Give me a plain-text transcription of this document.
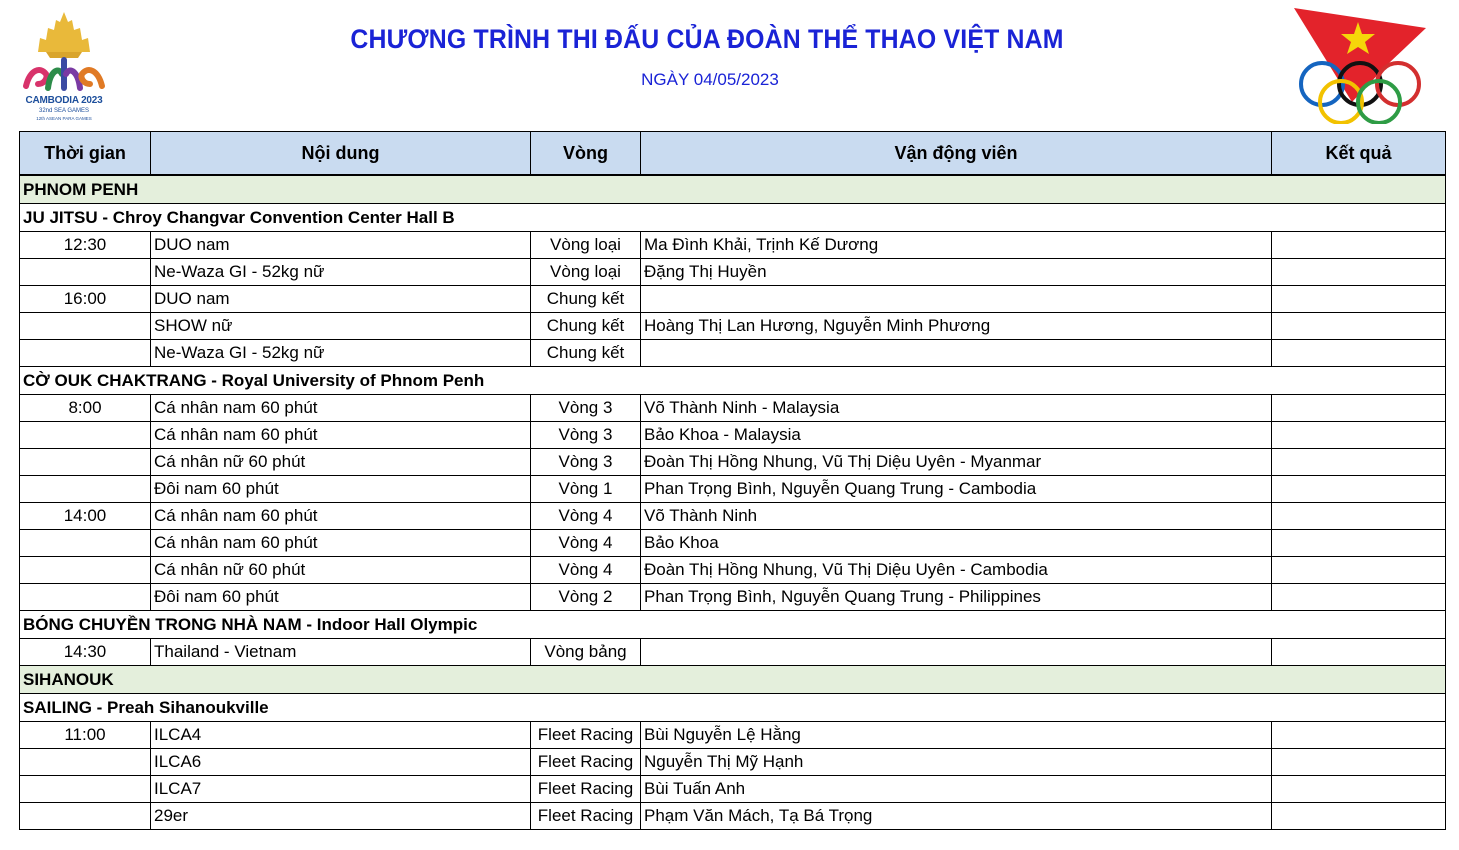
CAMBODIA 2023
32nd SEA GAMES
12th ASEAN PARA GAMES
CHƯƠNG TRÌNH THI ĐẤU CỦA ĐOÀN THỂ THAO VIỆT NAM
NGÀY 04/05/2023
Thời gian	Nội dung	Vòng	Vận động viên	Kết quả
PHNOM PENH				
JU JITSU - Chroy Changvar Convention Center Hall B				
12:30	DUO nam	Vòng loại	Ma Đình Khải, Trịnh Kế Dương	
	Ne-Waza GI - 52kg nữ	Vòng loại	Đặng Thị Huyền	
16:00	DUO nam	Chung kết		
	SHOW nữ	Chung kết	Hoàng Thị Lan Hương, Nguyễn Minh Phương	
	Ne-Waza GI - 52kg nữ	Chung kết		
CỜ OUK CHAKTRANG - Royal University of Phnom Penh				
8:00	Cá nhân nam 60 phút	Vòng 3	Võ Thành Ninh - Malaysia	
	Cá nhân nam 60 phút	Vòng 3	Bảo Khoa - Malaysia	
	Cá nhân nữ 60 phút	Vòng 3	Đoàn Thị Hồng Nhung, Vũ Thị Diệu Uyên - Myanmar	
	Đôi nam 60 phút	Vòng 1	Phan Trọng Bình, Nguyễn Quang Trung - Cambodia	
14:00	Cá nhân nam 60 phút	Vòng 4	Võ Thành Ninh	
	Cá nhân nam 60 phút	Vòng 4	Bảo Khoa	
	Cá nhân nữ 60 phút	Vòng 4	Đoàn Thị Hồng Nhung, Vũ Thị Diệu Uyên - Cambodia	
	Đôi nam 60 phút	Vòng 2	Phan Trọng Bình, Nguyễn Quang Trung - Philippines	
BÓNG CHUYỀN TRONG NHÀ NAM - Indoor Hall Olympic				
14:30	Thailand - Vietnam	Vòng bảng		
SIHANOUK				
SAILING - Preah Sihanoukville				
11:00	ILCA4	Fleet Racing	Bùi Nguyễn Lệ Hằng	
	ILCA6	Fleet Racing	Nguyễn Thị Mỹ Hạnh	
	ILCA7	Fleet Racing	Bùi Tuấn Anh	
	29er	Fleet Racing	Phạm Văn Mách, Tạ Bá Trọng	
